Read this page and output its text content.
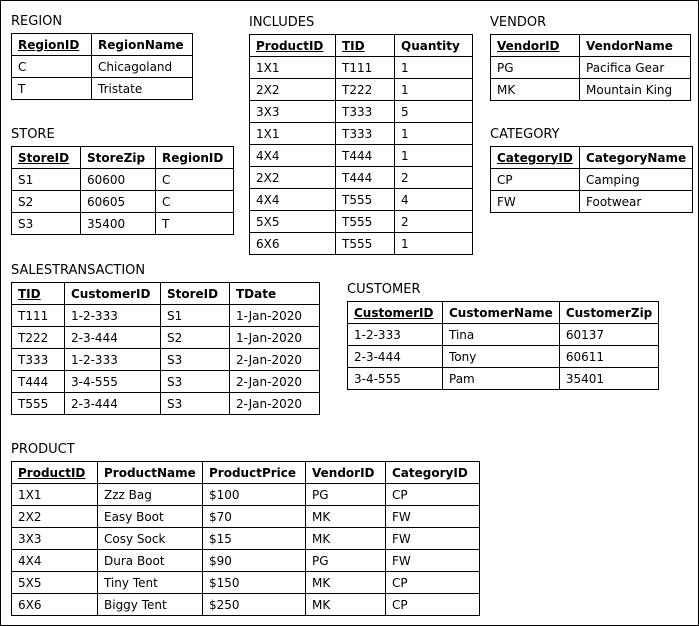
REGION
RegionID	RegionName
C	Chicagoland
T	Tristate
INCLUDES
ProductID	TID	Quantity
1X1	T111	1
2X2	T222	1
3X3	T333	5
1X1	T333	1
4X4	T444	1
2X2	T444	2
4X4	T555	4
5X5	T555	2
6X6	T555	1
VENDOR
VendorID	VendorName
PG	Pacifica Gear
MK	Mountain King
STORE
StoreID	StoreZip	RegionID
S1	60600	C
S2	60605	C
S3	35400	T
CATEGORY
CategoryID	CategoryName
CP	Camping
FW	Footwear
SALESTRANSACTION
TID	CustomerID	StoreID	TDate
T111	1-2-333	S1	1-Jan-2020
T222	2-3-444	S2	1-Jan-2020
T333	1-2-333	S3	2-Jan-2020
T444	3-4-555	S3	2-Jan-2020
T555	2-3-444	S3	2-Jan-2020
CUSTOMER
CustomerID	CustomerName	CustomerZip
1-2-333	Tina	60137
2-3-444	Tony	60611
3-4-555	Pam	35401
PRODUCT
ProductID	ProductName	ProductPrice	VendorID	CategoryID
1X1	Zzz Bag	$100	PG	CP
2X2	Easy Boot	$70	MK	FW
3X3	Cosy Sock	$15	MK	FW
4X4	Dura Boot	$90	PG	FW
5X5	Tiny Tent	$150	MK	CP
6X6	Biggy Tent	$250	MK	CP
